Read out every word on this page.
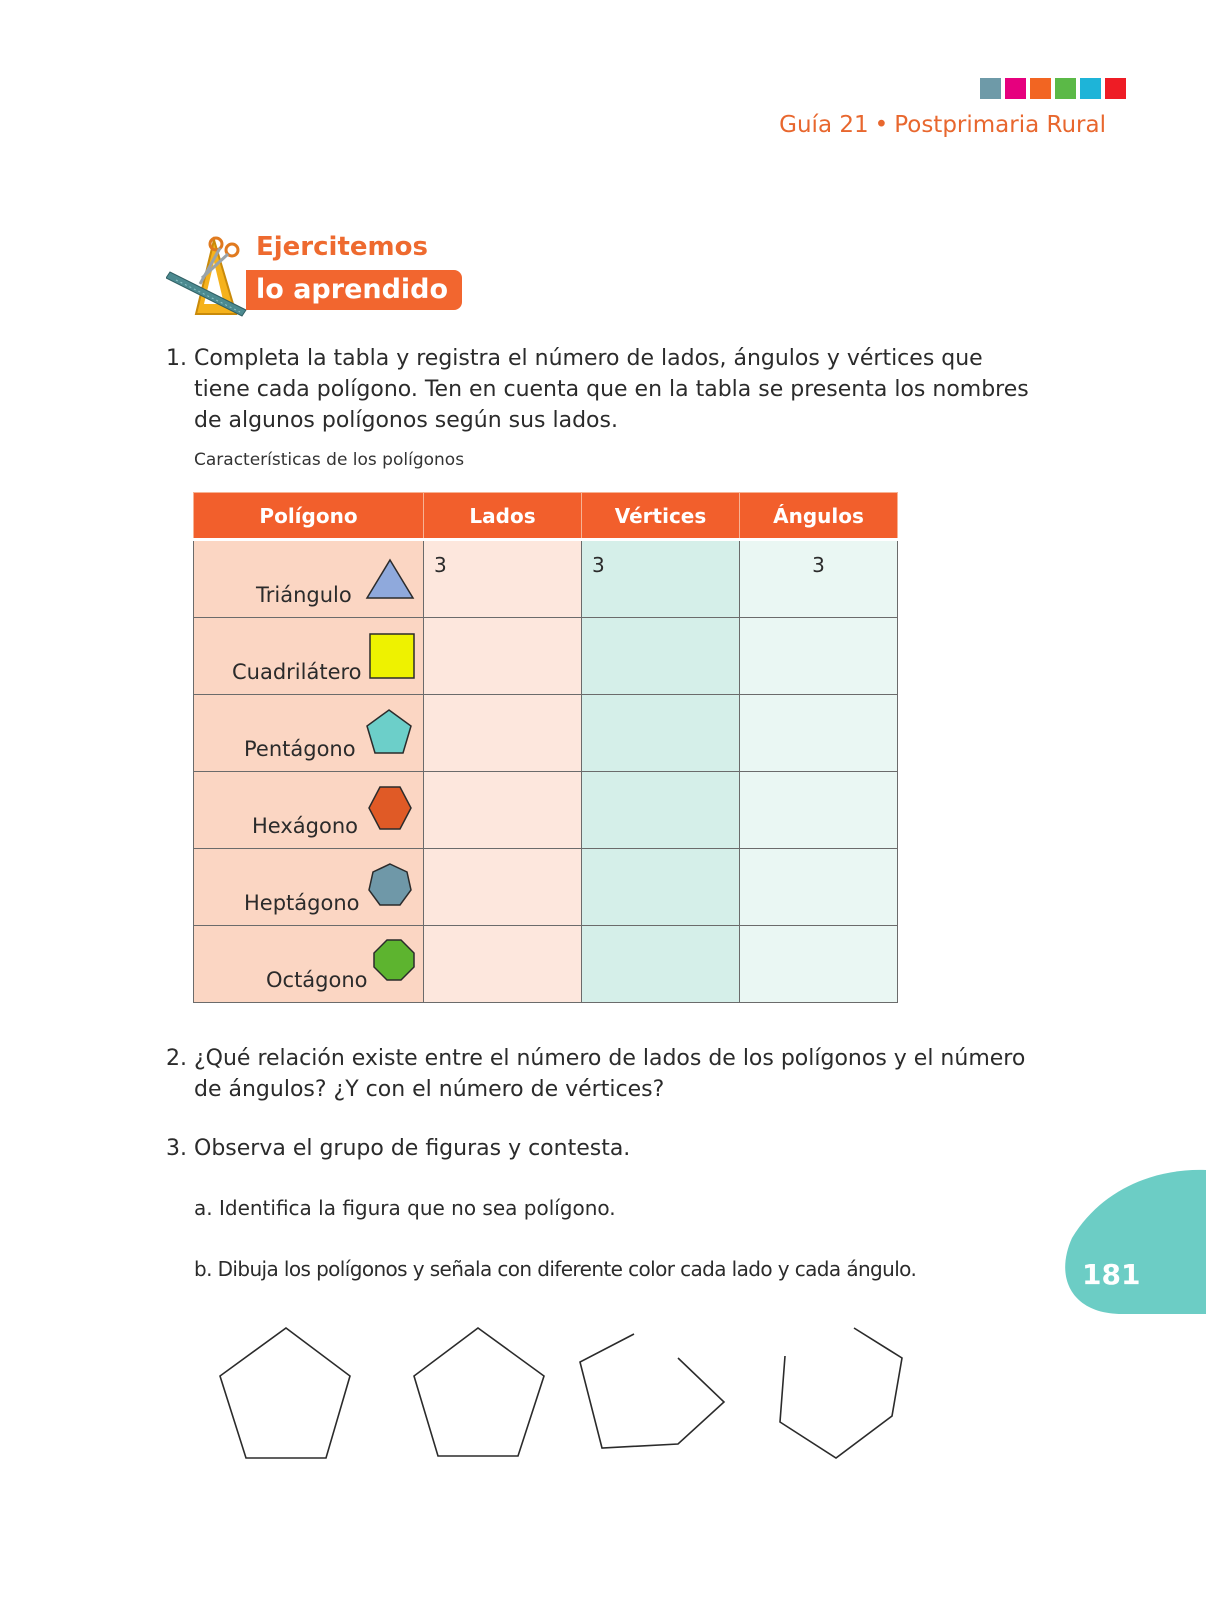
Guía 21 • Postprimaria Rural
Ejercitemos
lo aprendido
1. Completa la tabla y registra el número de lados, ángulos y vértices que tiene cada polígono. Ten en cuenta que en la tabla se presenta los nombres de algunos polígonos según sus lados.
Características de los polígonos
Polígono	Lados	Vértices	Ángulos

Triángulo	3	3	3

Cuadrilátero			

Pentágono			

Hexágono			

Heptágono			

Octágono			

2. ¿Qué relación existe entre el número de lados de los polígonos y el número de ángulos? ¿Y con el número de vértices?
3. Observa el grupo de figuras y contesta.
a. Identifica la figura que no sea polígono.
b. Dibuja los polígonos y señala con diferente color cada lado y cada ángulo.	181
